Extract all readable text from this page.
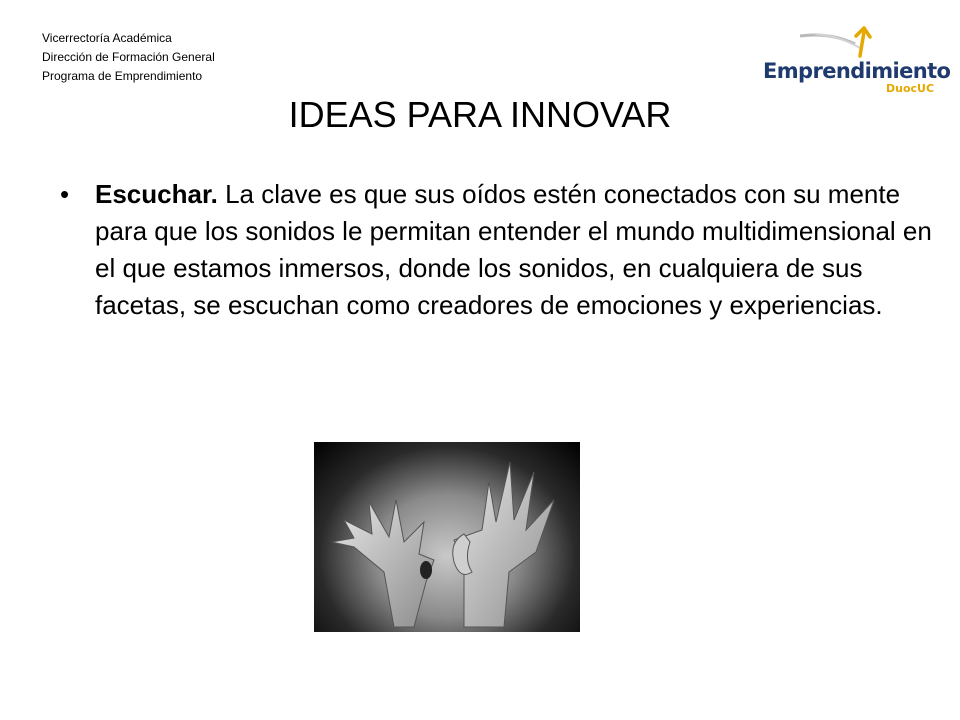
Vicerrectoría Académica
Dirección de Formación General
Programa de Emprendimiento	Emprendimiento
DuocUC
IDEAS PARA INNOVAR
• Escuchar. La clave es que sus oídos estén conectados con su mente para que los sonidos le permitan entender el mundo multidimensional en el que estamos inmersos, donde los sonidos, en cualquiera de sus facetas, se escuchan como creadores de emociones y experiencias.
